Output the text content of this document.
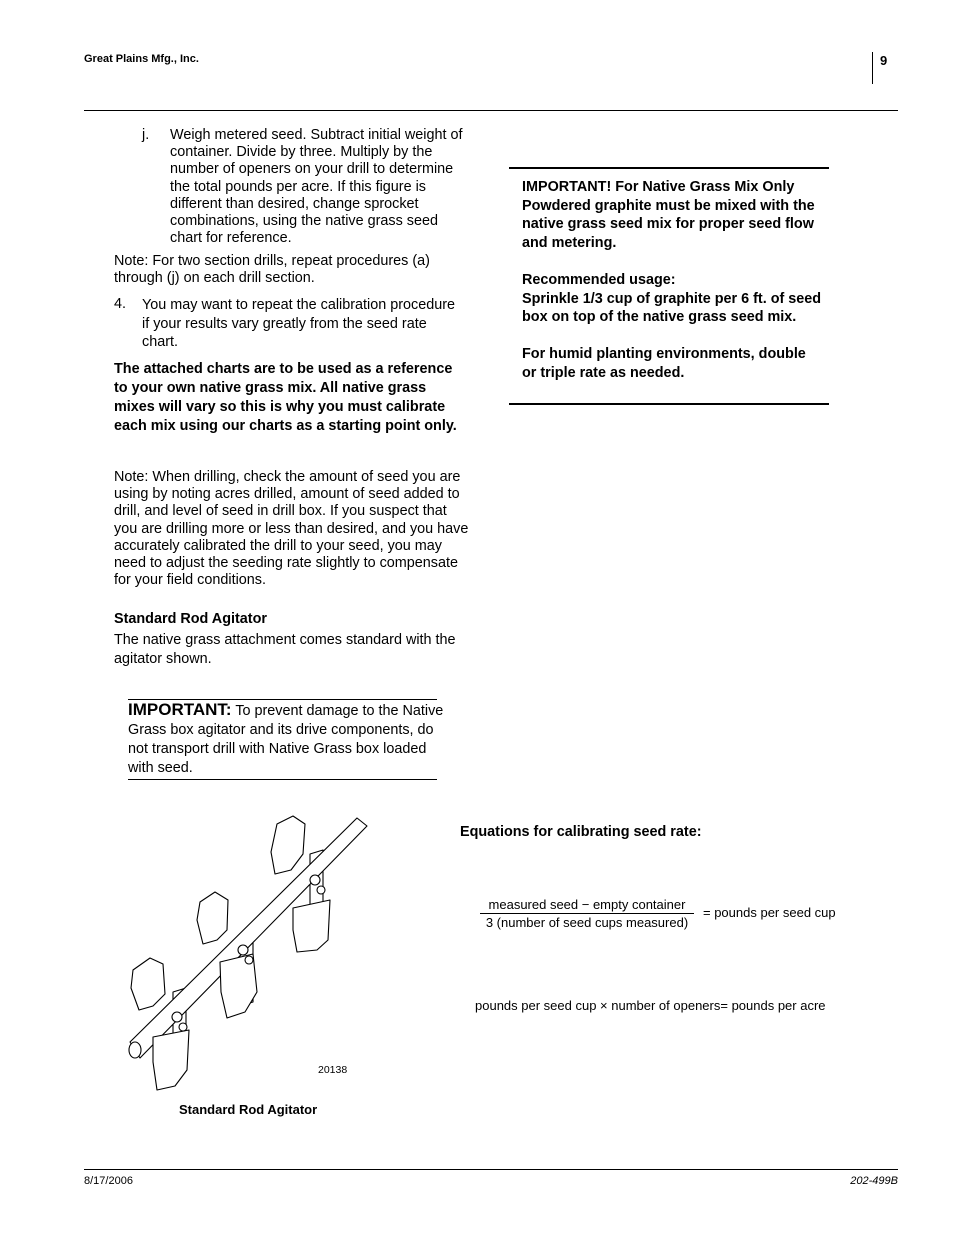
Great Plains Mfg., Inc.	9
j. Weigh metered seed. Subtract initial weight of container. Divide by three. Multiply by the number of openers on your drill to determine the total pounds per acre. If this figure is different than desired, change sprocket combinations, using the native grass seed chart for reference.
Note: For two section drills, repeat procedures (a) through (j) on each drill section.
4. You may want to repeat the calibration procedure if your results vary greatly from the seed rate chart.
The attached charts are to be used as a reference to your own native grass mix. All native grass mixes will vary so this is why you must calibrate each mix using our charts as a starting point only.
Note: When drilling, check the amount of seed you are using by noting acres drilled, amount of seed added to drill, and level of seed in drill box. If you suspect that you are drilling more or less than desired, and you have accurately calibrated the drill to your seed, you may need to adjust the seeding rate slightly to compensate for your field conditions.
Standard Rod Agitator
The native grass attachment comes standard with the agitator shown.
IMPORTANT: To prevent damage to the Native Grass box agitator and its drive components, do not transport drill with Native Grass box loaded with seed.
20138
Standard Rod Agitator

IMPORTANT! For Native Grass Mix Only

Powdered graphite must be mixed with the native grass seed mix for proper seed flow and metering.

Recommended usage:

Sprinkle 1/3 cup of graphite per 6 ft. of seed box on top of the native grass seed mix.

For humid planting environments, double or triple rate as needed.

Equations for calibrating seed rate:
measured seed − empty container
3 (number of seed cups measured)
= pounds per seed cup
pounds per seed cup × number of openers= pounds per acre
8/17/2006	202-499B
